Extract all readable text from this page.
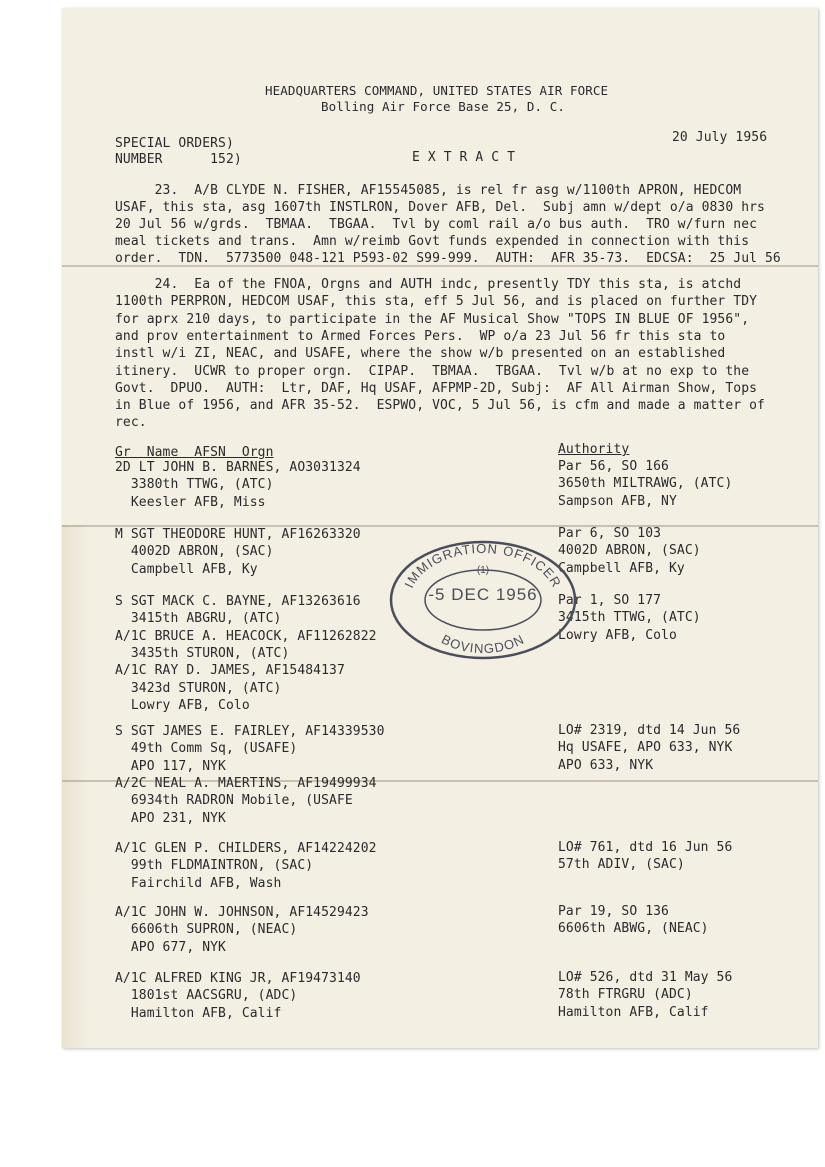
HEADQUARTERS COMMAND, UNITED STATES AIR FORCE
Bolling Air Force Base 25, D. C.
SPECIAL ORDERS)
NUMBER      152)	E X T R A C T
20 July 1956
23.  A/B CLYDE N. FISHER, AF15545085, is rel fr asg w/1100th APRON, HEDCOM
USAF, this sta, asg 1607th INSTLRON, Dover AFB, Del.  Subj amn w/dept o/a 0830 hrs
20 Jul 56 w/grds.  TBMAA.  TBGAA.  Tvl by coml rail a/o bus auth.  TRO w/furn nec
meal tickets and trans.  Amn w/reimb Govt funds expended in connection with this
order.  TDN.  5773500 048-121 P593-02 S99-999.  AUTH:  AFR 35-73.  EDCSA:  25 Jul 56
24.  Ea of the FNOA, Orgns and AUTH indc, presently TDY this sta, is atchd
1100th PERPRON, HEDCOM USAF, this sta, eff 5 Jul 56, and is placed on further TDY
for aprx 210 days, to participate in the AF Musical Show "TOPS IN BLUE OF 1956",
and prov entertainment to Armed Forces Pers.  WP o/a 23 Jul 56 fr this sta to
instl w/i ZI, NEAC, and USAFE, where the show w/b presented on an established
itinery.  UCWR to proper orgn.  CIPAP.  TBMAA.  TBGAA.  Tvl w/b at no exp to the
Govt.  DPUO.  AUTH:  Ltr, DAF, Hq USAF, AFPMP-2D, Subj:  AF All Airman Show, Tops
in Blue of 1956, and AFR 35-52.  ESPWO, VOC, 5 Jul 56, is cfm and made a matter of
rec.
Gr  Name  AFSN  Orgn	Authority
2D LT JOHN B. BARNES, AO3031324
3380th TTWG, (ATC)
Keesler AFB, Miss
Par 56, SO 166
3650th MILTRAWG, (ATC)
Sampson AFB, NY
M SGT THEODORE HUNT, AF16263320
4002D ABRON, (SAC)
Campbell AFB, Ky
Par 6, SO 103
4002D ABRON, (SAC)
Campbell AFB, Ky
S SGT MACK C. BAYNE, AF13263616
3415th ABGRU, (ATC)
A/1C BRUCE A. HEACOCK, AF11262822
3435th STURON, (ATC)
A/1C RAY D. JAMES, AF15484137
3423d STURON, (ATC)
Lowry AFB, Colo
Par 1, SO 177
3415th TTWG, (ATC)
Lowry AFB, Colo
S SGT JAMES E. FAIRLEY, AF14339530
49th Comm Sq, (USAFE)
APO 117, NYK
A/2C NEAL A. MAERTINS, AF19499934
6934th RADRON Mobile, (USAFE
APO 231, NYK
LO# 2319, dtd 14 Jun 56
Hq USAFE, APO 633, NYK
APO 633, NYK
A/1C GLEN P. CHILDERS, AF14224202
99th FLDMAINTRON, (SAC)
Fairchild AFB, Wash
LO# 761, dtd 16 Jun 56
57th ADIV, (SAC)
A/1C JOHN W. JOHNSON, AF14529423
6606th SUPRON, (NEAC)
APO 677, NYK
Par 19, SO 136
6606th ABWG, (NEAC)
A/1C ALFRED KING JR, AF19473140
1801st AACSGRU, (ADC)
Hamilton AFB, Calif
LO# 526, dtd 31 May 56
78th FTRGRU (ADC)
Hamilton AFB, Calif
IMMIGRATION OFFICER
BOVINGDON
(1)
-5 DEC 1956
